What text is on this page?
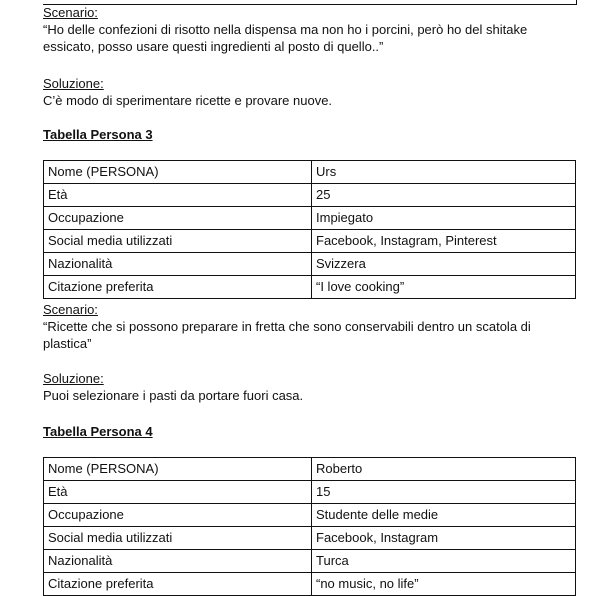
Scenario:
“Ho delle confezioni di risotto nella dispensa ma non ho i porcini, però ho del shitake essicato, posso usare questi ingredienti al posto di quello..”
Soluzione:
C’è modo di sperimentare ricette e provare nuove.
Tabella Persona 3
Nome (PERSONA)	Urs
Età	25
Occupazione	Impiegato
Social media utilizzati	Facebook, Instagram, Pinterest
Nazionalità	Svizzera
Citazione preferita	“I love cooking”
Scenario:
“Ricette che si possono preparare in fretta che sono conservabili dentro un scatola di plastica”
Soluzione:
Puoi selezionare i pasti da portare fuori casa.
Tabella Persona 4
Nome (PERSONA)	Roberto
Età	15
Occupazione	Studente delle medie
Social media utilizzati	Facebook, Instagram
Nazionalità	Turca
Citazione preferita	“no music, no life”
